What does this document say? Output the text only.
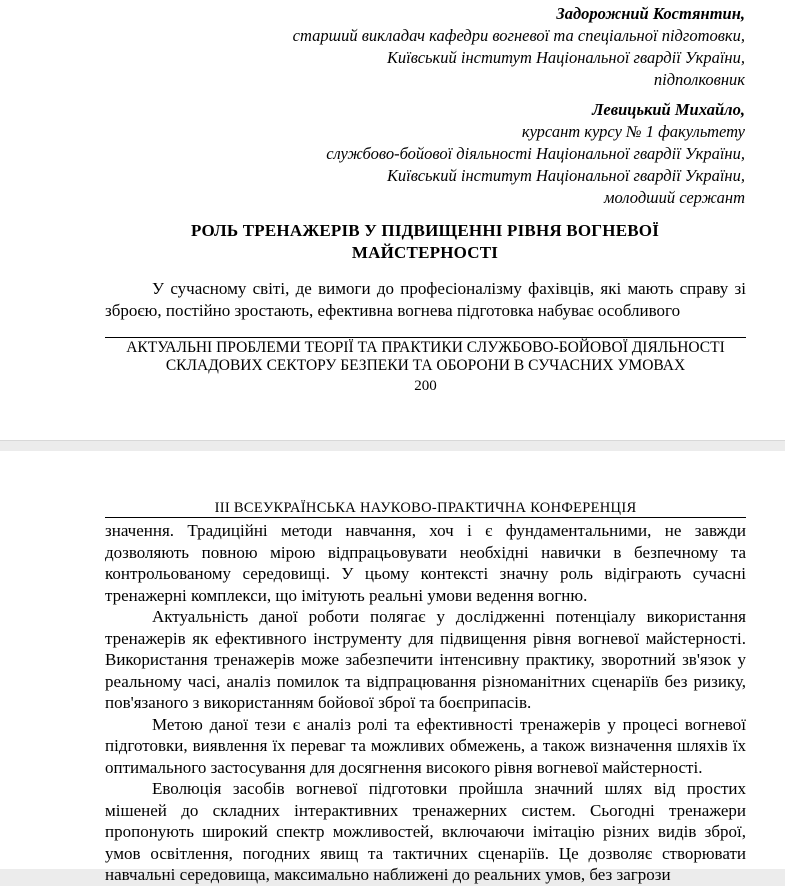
Задорожний Костянтин,
старший викладач кафедри вогневої та спеціальної підготовки,
Київський інститут Національної гвардії України,
підполковник
Левицький Михайло,
курсант курсу № 1 факультету
службово-бойової діяльності Національної гвардії України,
Київський інститут Національної гвардії України,
молодший сержант
РОЛЬ ТРЕНАЖЕРІВ У ПІДВИЩЕННІ РІВНЯ ВОГНЕВОЇ
МАЙСТЕРНОСТІ

У сучасному світі, де вимоги до професіоналізму фахівців, які мають справу зі зброєю, постійно зростають, ефективна вогнева підготовка набуває особливого

АКТУАЛЬНІ ПРОБЛЕМИ ТЕОРІЇ ТА ПРАКТИКИ СЛУЖБОВО-БОЙОВОЇ ДІЯЛЬНОСТІ
СКЛАДОВИХ СЕКТОРУ БЕЗПЕКИ ТА ОБОРОНИ В СУЧАСНИХ УМОВАХ
200
ІІІ ВСЕУКРАЇНСЬКА НАУКОВО-ПРАКТИЧНА КОНФЕРЕНЦІЯ

значення. Традиційні методи навчання, хоч і є фундаментальними, не завжди дозволяють повною мірою відпрацьовувати необхідні навички в безпечному та контрольованому середовищі. У цьому контексті значну роль відіграють сучасні тренажерні комплекси, що імітують реальні умови ведення вогню.

Актуальність даної роботи полягає у дослідженні потенціалу використання тренажерів як ефективного інструменту для підвищення рівня вогневої майстерності. Використання тренажерів може забезпечити інтенсивну практику, зворотний зв'язок у реальному часі, аналіз помилок та відпрацювання різноманітних сценаріїв без ризику, пов'язаного з використанням бойової зброї та боєприпасів.

Метою даної тези є аналіз ролі та ефективності тренажерів у процесі вогневої підготовки, виявлення їх переваг та можливих обмежень, а також визначення шляхів їх оптимального застосування для досягнення високого рівня вогневої майстерності.

Еволюція засобів вогневої підготовки пройшла значний шлях від простих мішеней до складних інтерактивних тренажерних систем. Сьогодні тренажери пропонують широкий спектр можливостей, включаючи імітацію різних видів зброї, умов освітлення, погодних явищ та тактичних сценаріїв. Це дозволяє створювати навчальні середовища, максимально наближені до реальних умов, без загрози
